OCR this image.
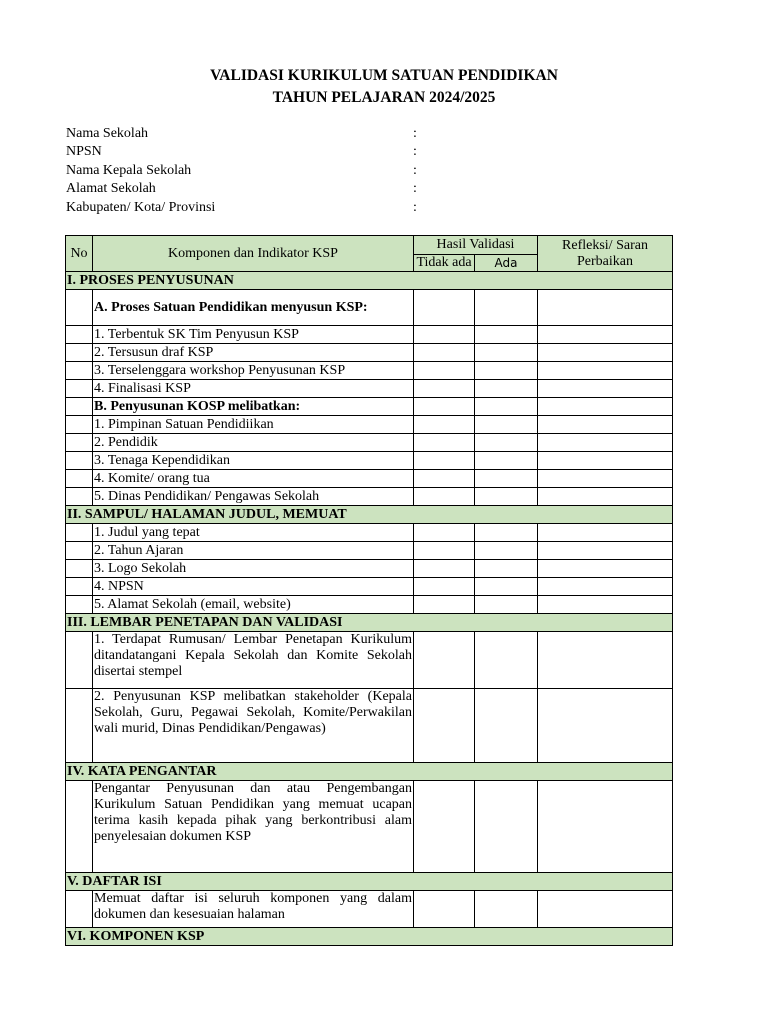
VALIDASI KURIKULUM SATUAN PENDIDIKAN
TAHUN PELAJARAN 2024/2025
Nama Sekolah	:
NPSN	:
Nama Kepala Sekolah	:
Alamat Sekolah	:
Kabupaten/ Kota/ Provinsi	:
No	Komponen dan Indikator KSP	Hasil Validasi		Refleksi/ Saran Perbaikan
		Tidak ada	Ada	
I. PROSES PENYUSUNAN				
	A. Proses Satuan Pendidikan menyusun KSP:			
	1. Terbentuk SK Tim Penyusun KSP			
	2. Tersusun draf KSP			
	3. Terselenggara workshop Penyusunan KSP			
	4. Finalisasi KSP			
	B. Penyusunan KOSP melibatkan:			
	1. Pimpinan Satuan Pendidiikan			
	2. Pendidik			
	3. Tenaga Kependidikan			
	4. Komite/ orang tua			
	5. Dinas Pendidikan/ Pengawas Sekolah			
II. SAMPUL/ HALAMAN JUDUL, MEMUAT				
	1. Judul yang tepat			
	2. Tahun Ajaran			
	3. Logo Sekolah			
	4. NPSN			
	5. Alamat Sekolah (email, website)			
III. LEMBAR PENETAPAN DAN VALIDASI				
	1. Terdapat Rumusan/ Lembar Penetapan Kurikulum ditandatangani Kepala Sekolah dan Komite Sekolah disertai stempel			
	2. Penyusunan KSP melibatkan stakeholder (Kepala Sekolah, Guru, Pegawai Sekolah, Komite/Perwakilan wali murid, Dinas Pendidikan/Pengawas)			
IV. KATA PENGANTAR				
	Pengantar Penyusunan dan atau Pengembangan Kurikulum Satuan Pendidikan yang memuat ucapan terima kasih kepada pihak yang berkontribusi alam penyelesaian dokumen KSP			
V. DAFTAR ISI				
	Memuat daftar isi seluruh komponen yang dalam dokumen dan kesesuaian halaman			
VI. KOMPONEN KSP				
